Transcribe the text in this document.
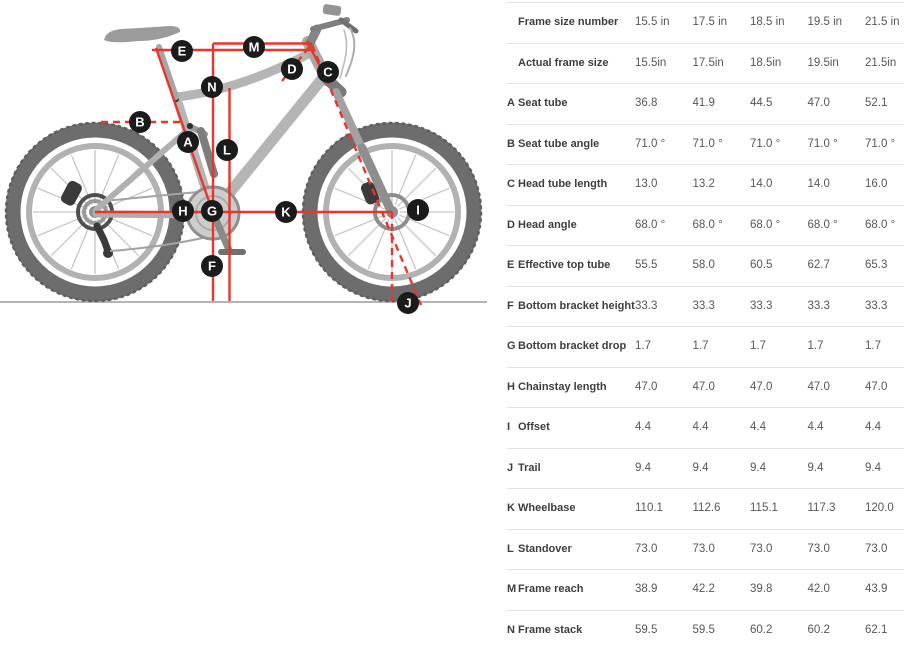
A
B
C
D
E
F
G
H	I
J
K
L
M
N
Frame size number	15.5 in	17.5 in	18.5 in	19.5 in	21.5 in
Actual frame size	15.5in	17.5in	18.5in	19.5in	21.5in
A Seat tube	36.8	41.9	44.5	47.0	52.1
B Seat tube angle	71.0 °	71.0 °	71.0 °	71.0 °	71.0 °
C Head tube length	13.0	13.2	14.0	14.0	16.0
D Head angle	68.0 °	68.0 °	68.0 °	68.0 °	68.0 °
E Effective top tube	55.5	58.0	60.5	62.7	65.3
F Bottom bracket height 33.3	33.3	33.3	33.3	33.3
G Bottom bracket drop 1.7	1.7	1.7	1.7	1.7
H Chainstay length	47.0	47.0	47.0	47.0	47.0
I Offset	4.4	4.4	4.4	4.4	4.4
J Trail	9.4	9.4	9.4	9.4	9.4
K Wheelbase	110.1	112.6	115.1	117.3	120.0
L Standover	73.0	73.0	73.0	73.0	73.0
M Frame reach	38.9	42.2	39.8	42.0	43.9
N Frame stack	59.5	59.5	60.2	60.2	62.1
